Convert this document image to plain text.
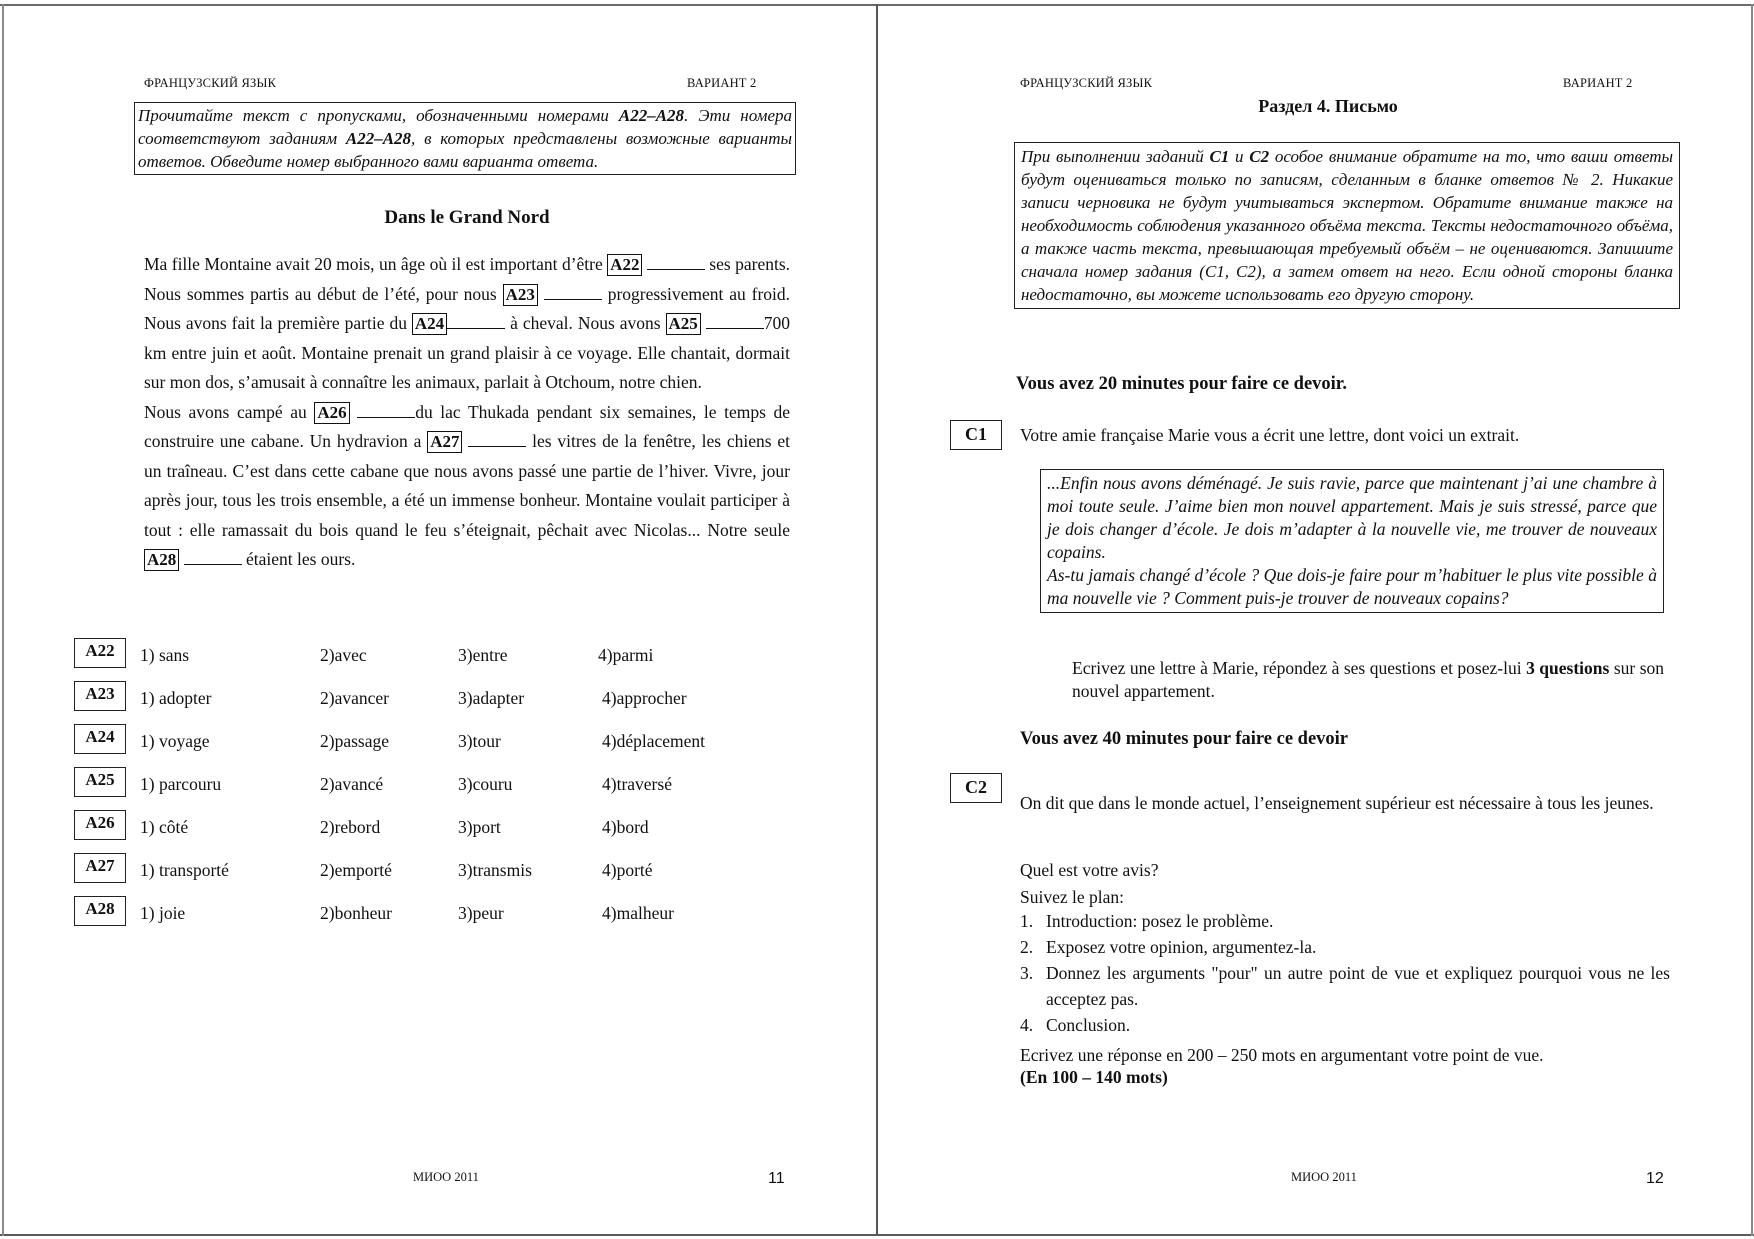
ФРАНЦУЗСКИЙ ЯЗЫК	ВАРИАНТ 2
Прочитайте текст с пропусками, обозначенными номерами A22–A28. Эти номера соответствуют заданиям A22–A28, в которых представлены возможные варианты ответов. Обведите номер выбранного вами варианта ответа.
Dans le Grand Nord
Ma fille Montaine avait 20 mois, un âge où il est important d’être A22	ses parents. Nous sommes partis au début de l’été, pour nous A23	progressivement au froid. Nous avons fait la première partie du A24	à cheval. Nous avons A25	700 km entre juin et août. Montaine prenait un grand plaisir à ce voyage. Elle chantait, dormait sur mon dos, s’amusait à connaître les animaux, parlait à Otchoum, notre chien.
Nous avons campé au A26	du lac Thukada pendant six semaines, le temps de construire une cabane. Un hydravion a A27	les vitres de la fenêtre, les chiens et un traîneau. C’est dans cette cabane que nous avons passé une partie de l’hiver. Vivre, jour après jour, tous les trois ensemble, a été un immense bonheur. Montaine voulait participer à tout : elle ramassait du bois quand le feu s’éteignait, pêchait avec Nicolas... Notre seule A28	étaient les ours.
A22	1) sans	2)avec	3)entre	4)parmi
A23	1) adopter	2)avancer	3)adapter	4)approcher
A24	1) voyage	2)passage	3)tour	4)déplacement
A25	1) parcouru	2)avancé	3)couru	4)traversé
A26	1) côté	2)rebord	3)port	4)bord
A27	1) transporté	2)emporté	3)transmis	4)porté
A28	1) joie	2)bonheur	3)peur	4)malheur
МИОО 2011	11
ФРАНЦУЗСКИЙ ЯЗЫК	ВАРИАНТ 2
Раздел 4. Письмо
При выполнении заданий C1 и C2 особое внимание обратите на то, что ваши ответы будут оцениваться только по записям, сделанным в бланке ответов № 2. Никакие записи черновика не будут учитываться экспертом. Обратите внимание также на необходимость соблюдения указанного объёма текста. Тексты недостаточного объёма, а также часть текста, превышающая требуемый объём – не оцениваются. Запишите сначала номер задания (C1, C2), а затем ответ на него. Если одной стороны бланка недостаточно, вы можете использовать его другую сторону.
Vous avez 20 minutes pour faire ce devoir.
C1	Votre amie française Marie vous a écrit une lettre, dont voici un extrait.
...Enfin nous avons déménagé. Je suis ravie, parce que maintenant j’ai une chambre à moi toute seule. J’aime bien mon nouvel appartement. Mais je suis stressé, parce que je dois changer d’école. Je dois m’adapter à la nouvelle vie, me trouver de nouveaux copains.
As-tu jamais changé d’école ? Que dois-je faire pour m’habituer le plus vite possible à ma nouvelle vie ? Comment puis-je trouver de nouveaux copains?
Ecrivez une lettre à Marie, répondez à ses questions et posez-lui 3 questions sur son nouvel appartement.
Vous avez 40 minutes pour faire ce devoir
C2
On dit que dans le monde actuel, l’enseignement supérieur est nécessaire à tous les jeunes.
Quel est votre avis?
Suivez le plan:
1. Introduction: posez le problème.
2. Exposez votre opinion, argumentez-la.
3. Donnez les arguments "pour" un autre point de vue et expliquez pourquoi vous ne les acceptez pas.
4. Conclusion.
Ecrivez une réponse en 200 – 250 mots en argumentant votre point de vue.
(En 100 – 140 mots)
МИОО 2011	12
